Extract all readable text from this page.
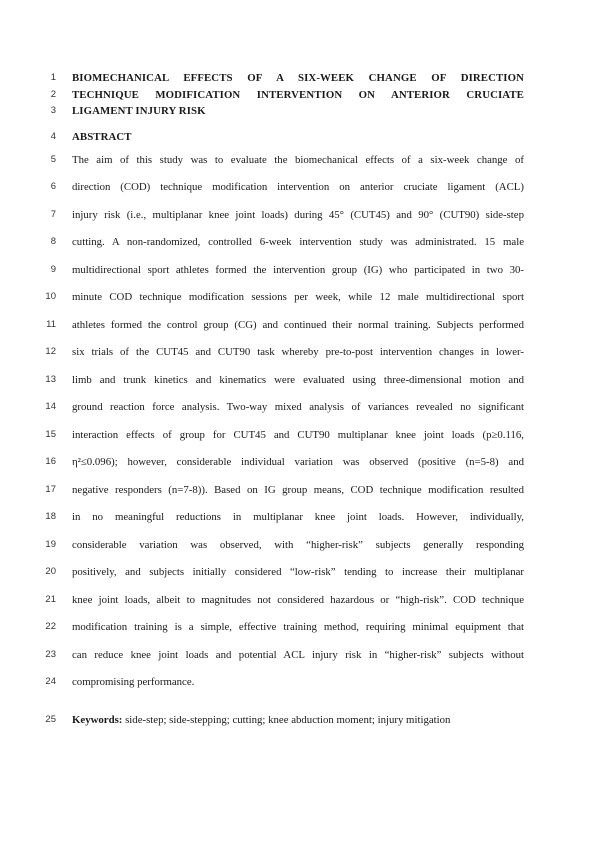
1 BIOMECHANICAL EFFECTS OF A SIX-WEEK CHANGE OF DIRECTION
2 TECHNIQUE MODIFICATION INTERVENTION ON ANTERIOR CRUCIATE
3 LIGAMENT INJURY RISK
4 ABSTRACT
5 The aim of this study was to evaluate the biomechanical effects of a six-week change of
6 direction (COD) technique modification intervention on anterior cruciate ligament (ACL)
7 injury risk (i.e., multiplanar knee joint loads) during 45° (CUT45) and 90° (CUT90) side-step
8 cutting. A non-randomized, controlled 6-week intervention study was administrated. 15 male
9 multidirectional sport athletes formed the intervention group (IG) who participated in two 30-
10 minute COD technique modification sessions per week, while 12 male multidirectional sport
11 athletes formed the control group (CG) and continued their normal training. Subjects performed
12 six trials of the CUT45 and CUT90 task whereby pre-to-post intervention changes in lower-
13 limb and trunk kinetics and kinematics were evaluated using three-dimensional motion and
14 ground reaction force analysis. Two-way mixed analysis of variances revealed no significant
15 interaction effects of group for CUT45 and CUT90 multiplanar knee joint loads (p≥0.116,
16 η²≤0.096); however, considerable individual variation was observed (positive (n=5-8) and
17 negative responders (n=7-8)). Based on IG group means, COD technique modification resulted
18 in no meaningful reductions in multiplanar knee joint loads. However, individually,
19 considerable variation was observed, with “higher-risk” subjects generally responding
20 positively, and subjects initially considered “low-risk” tending to increase their multiplanar
21 knee joint loads, albeit to magnitudes not considered hazardous or “high-risk”. COD technique
22 modification training is a simple, effective training method, requiring minimal equipment that
23 can reduce knee joint loads and potential ACL injury risk in “higher-risk” subjects without
24 compromising performance.
25 Keywords: side-step; side-stepping; cutting; knee abduction moment; injury mitigation
